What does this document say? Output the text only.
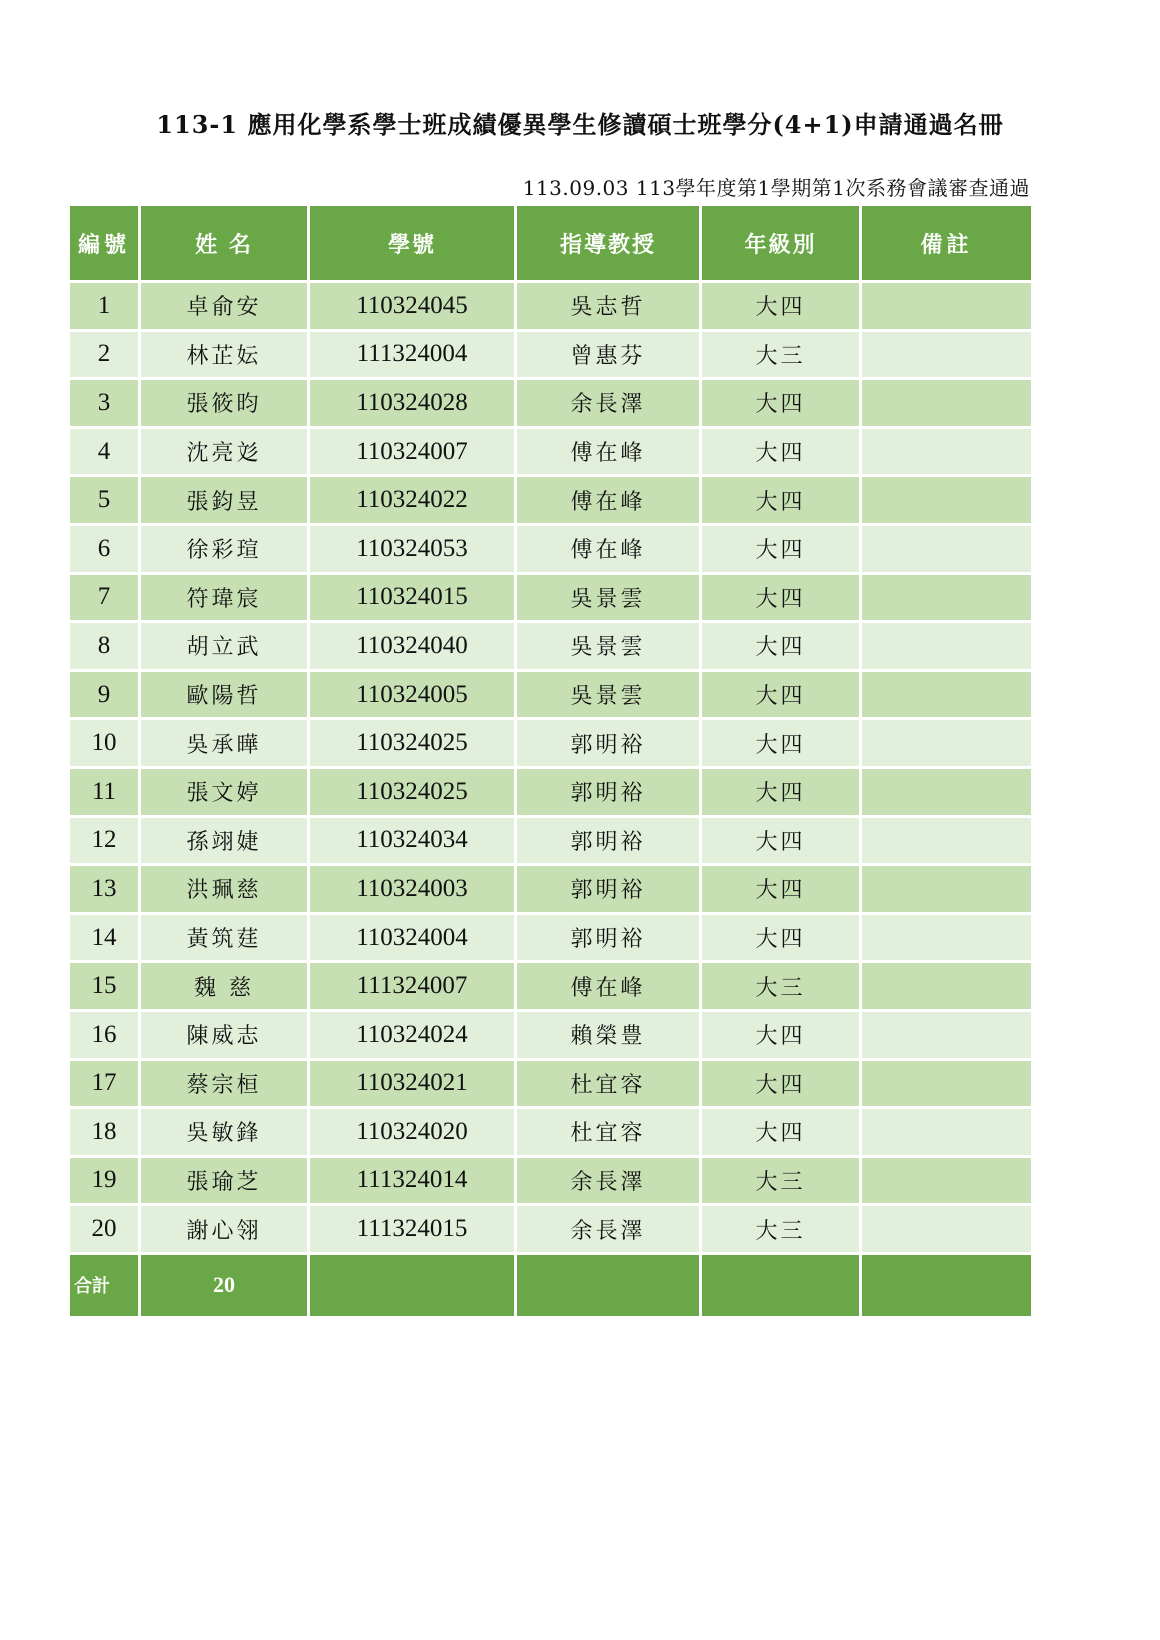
113-1 應用化學系學士班成績優異學生修讀碩士班學分(4+1)申請通過名冊
113.09.03 113學年度第1學期第1次系務會議審查通過
編號	姓 名	學號	指導教授	年級別	備註
1	卓俞安	110324045	吳志哲	大四	
2	林芷妘	111324004	曾惠芬	大三	
3	張筱昀	110324028	余長澤	大四	
4	沈亮彣	110324007	傅在峰	大四	
5	張鈞昱	110324022	傅在峰	大四	
6	徐彩瑄	110324053	傅在峰	大四	
7	符瑋宸	110324015	吳景雲	大四	
8	胡立武	110324040	吳景雲	大四	
9	歐陽哲	110324005	吳景雲	大四	
10	吳承曄	110324025	郭明裕	大四	
11	張文婷	110324025	郭明裕	大四	
12	孫翊婕	110324034	郭明裕	大四	
13	洪珮慈	110324003	郭明裕	大四	
14	黃筑莛	110324004	郭明裕	大四	
15	魏 慈	111324007	傅在峰	大三	
16	陳威志	110324024	賴榮豊	大四	
17	蔡宗桓	110324021	杜宜容	大四	
18	吳敏鋒	110324020	杜宜容	大四	
19	張瑜芝	111324014	余長澤	大三	
20	謝心翎	111324015	余長澤	大三	
合計	20				
